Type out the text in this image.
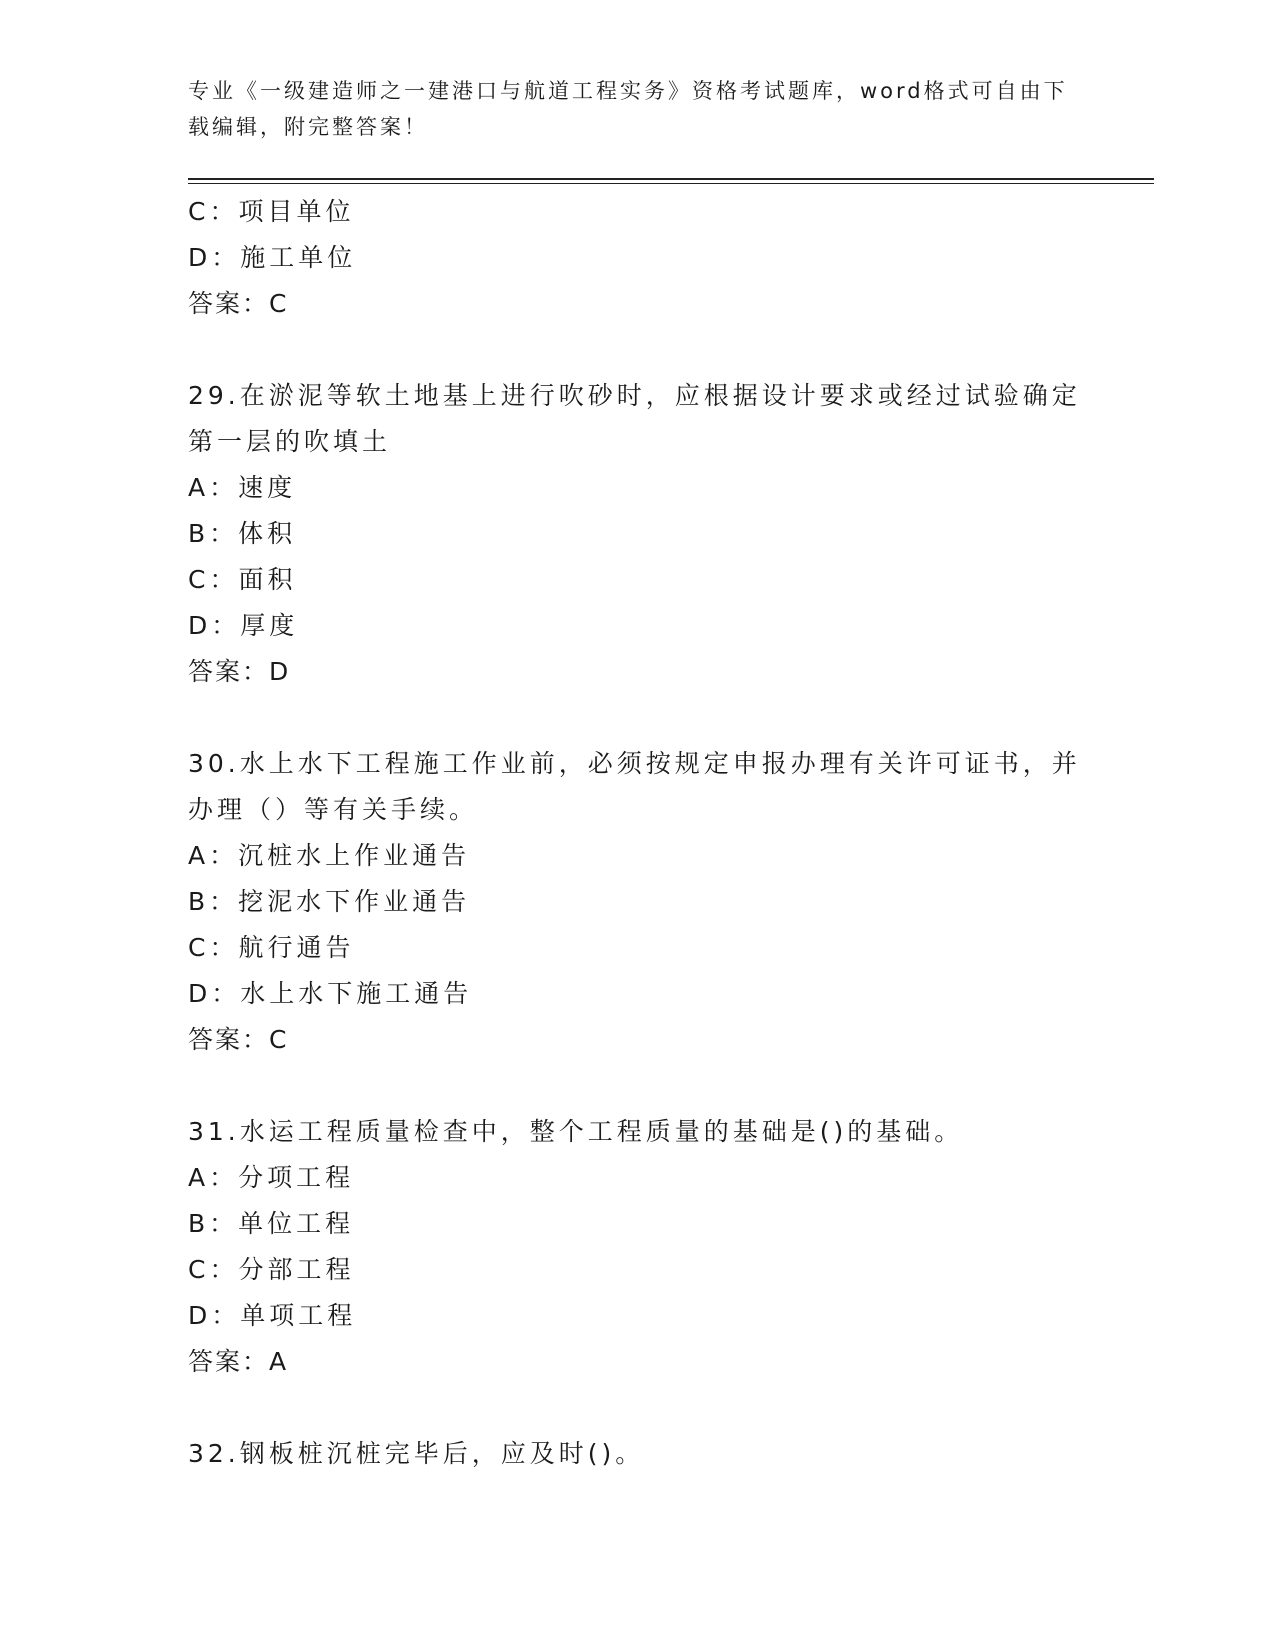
专业《一级建造师之一建港口与航道工程实务》资格考试题库，word格式可自由下载编辑，附完整答案！
C：项目单位
D：施工单位
答案：C
29.在淤泥等软土地基上进行吹砂时，应根据设计要求或经过试验确定
第一层的吹填土
A：速度
B：体积
C：面积
D：厚度
答案：D
30.水上水下工程施工作业前，必须按规定申报办理有关许可证书，并
办理（）等有关手续。
A：沉桩水上作业通告
B：挖泥水下作业通告
C：航行通告
D：水上水下施工通告
答案：C
31.水运工程质量检查中，整个工程质量的基础是()的基础。
A：分项工程
B：单位工程
C：分部工程
D：单项工程
答案：A
32.钢板桩沉桩完毕后，应及时()。
